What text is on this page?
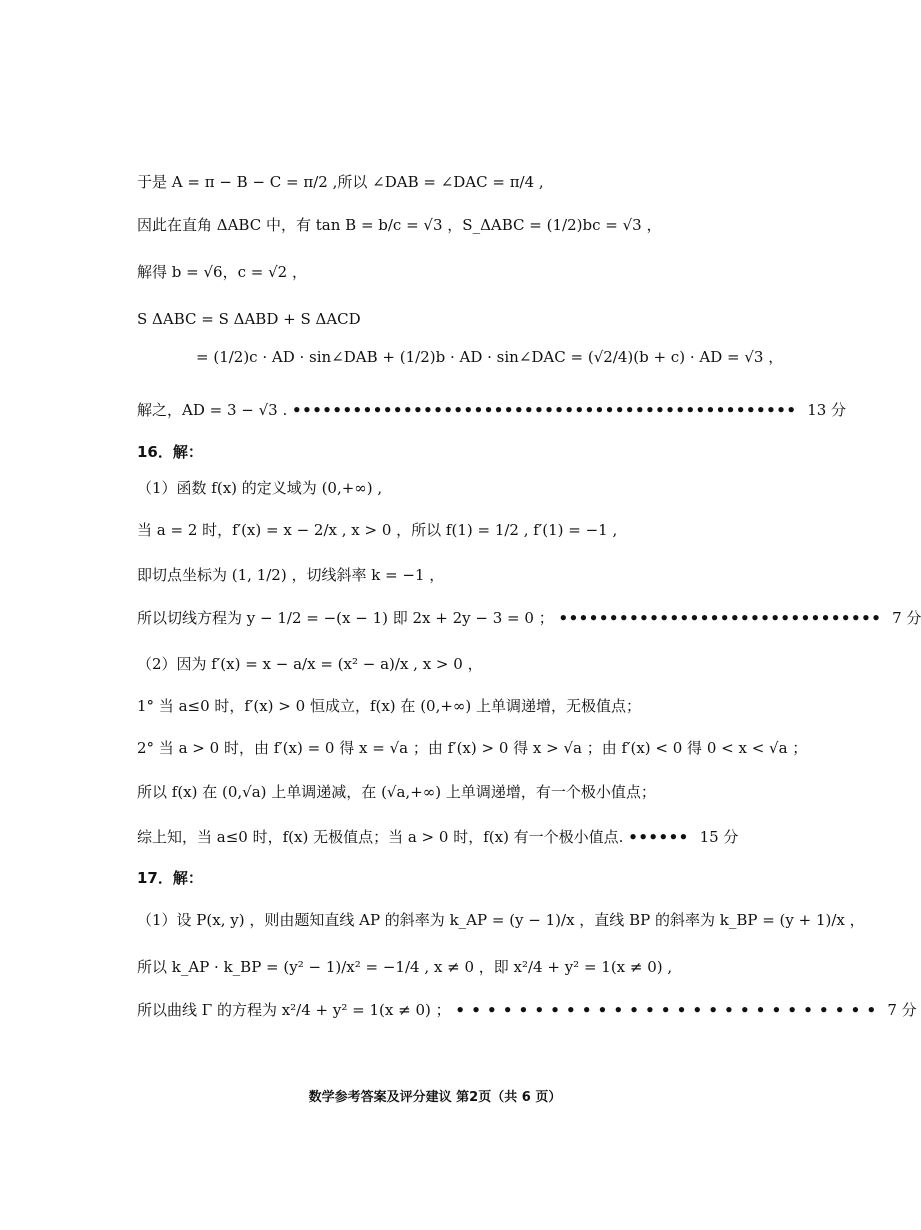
于是 A = π − B − C = π/2 ,所以 ∠DAB = ∠DAC = π/4 ,
因此在直角 ΔABC 中，有 tan B = b/c = √3 ，S_ΔABC = (1/2)bc = √3 ，
解得 b = √6，c = √2 ，
S ΔABC = S ΔABD + S ΔACD
= (1/2)c · AD · sin∠DAB + (1/2)b · AD · sin∠DAC = (√2/4)(b + c) · AD = √3 ，
解之，AD = 3 − √3 . •••••••••••••••••••••••••••••••••••••••••••••••••• 13 分
16．解：
（1）函数 f(x) 的定义域为 (0,+∞) ,
当 a = 2 时，f′(x) = x − 2/x , x > 0 ，所以 f(1) = 1/2 , f′(1) = −1 ,
即切点坐标为 (1, 1/2) ，切线斜率 k = −1 ，
所以切线方程为 y − 1/2 = −(x − 1) 即 2x + 2y − 3 = 0 ； •••••••••••••••••••••••••••••••• 7 分
（2）因为 f′(x) = x − a/x = (x² − a)/x , x > 0 ，
1° 当 a≤0 时，f′(x) > 0 恒成立，f(x) 在 (0,+∞) 上单调递增，无极值点；
2° 当 a > 0 时，由 f′(x) = 0 得 x = √a ；由 f′(x) > 0 得 x > √a ；由 f′(x) < 0 得 0 < x < √a ；
所以 f(x) 在 (0,√a) 上单调递减，在 (√a,+∞) 上单调递增，有一个极小值点；
综上知，当 a≤0 时，f(x) 无极值点；当 a > 0 时，f(x) 有一个极小值点. •••••• 15 分
17．解：
（1）设 P(x, y) ，则由题知直线 AP 的斜率为 k_AP = (y − 1)/x ，直线 BP 的斜率为 k_BP = (y + 1)/x ，
所以 k_AP · k_BP = (y² − 1)/x² = −1/4 , x ≠ 0 ，即 x²/4 + y² = 1(x ≠ 0) ,
所以曲线 Γ 的方程为 x²/4 + y² = 1(x ≠ 0) ； • • • • • • • • • • • • • • • • • • • • • • • • • • • 7 分
数学参考答案及评分建议 第2页（共 6 页）
